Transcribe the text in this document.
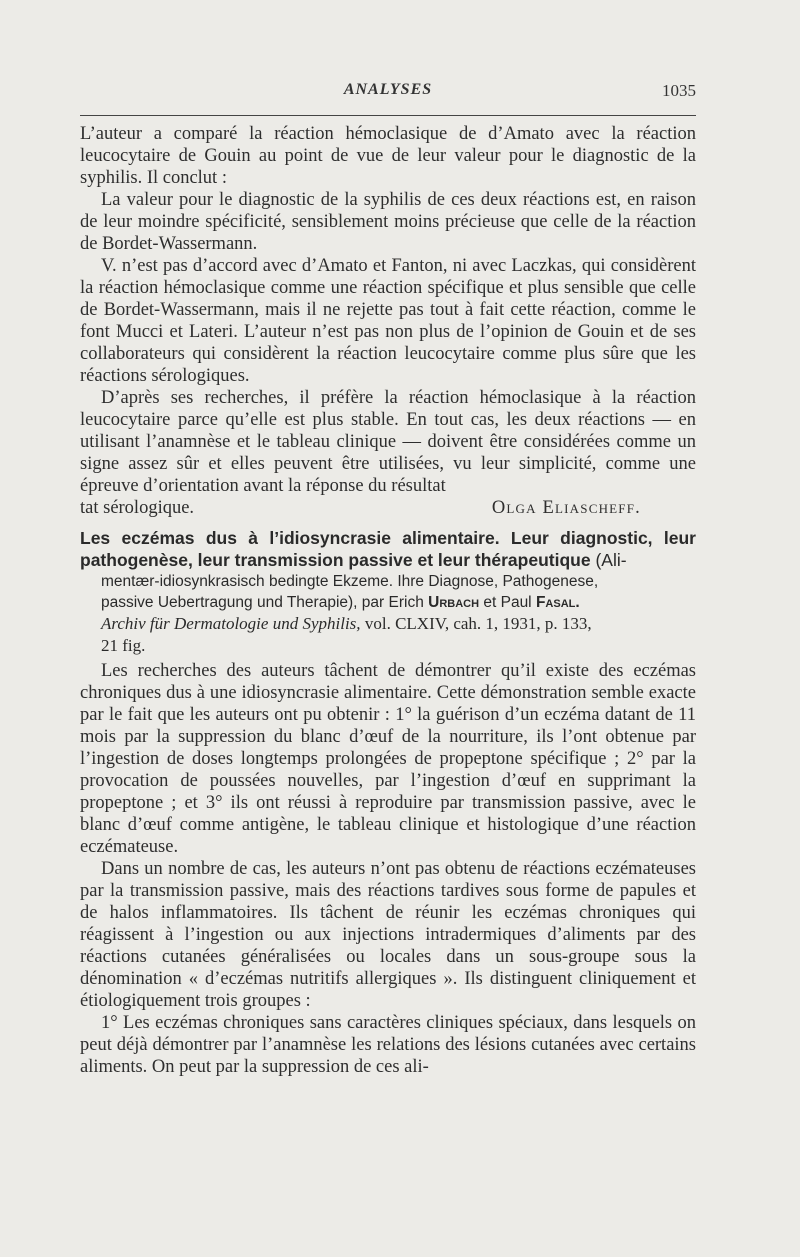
ANALYSES	1035

L’auteur a comparé la réaction hémoclasique de d’Amato avec la réaction leucocytaire de Gouin au point de vue de leur valeur pour le diagnostic de la syphilis. Il conclut :

La valeur pour le diagnostic de la syphilis de ces deux réactions est, en raison de leur moindre spécificité, sensiblement moins précieuse que celle de la réaction de Bordet-Wassermann.

V. n’est pas d’accord avec d’Amato et Fanton, ni avec Laczkas, qui considèrent la réaction hémoclasique comme une réaction spécifique et plus sensible que celle de Bordet-Wassermann, mais il ne rejette pas tout à fait cette réaction, comme le font Mucci et Lateri. L’auteur n’est pas non plus de l’opinion de Gouin et de ses collaborateurs qui considèrent la réaction leucocytaire comme plus sûre que les réactions sérologiques.

D’après ses recherches, il préfère la réaction hémoclasique à la réaction leucocytaire parce qu’elle est plus stable. En tout cas, les deux réactions — en utilisant l’anamnèse et le tableau clinique — doivent être considérées comme un signe assez sûr et elles peuvent être utilisées, vu leur simplicité, comme une épreuve d’orientation avant la réponse du résultat

tat sérologique.	Olga Eliascheff.

Les eczémas dus à l’idiosyncrasie alimentaire. Leur diagnostic, leur pathogenèse, leur transmission passive et leur thérapeutique (Ali-
mentær-idiosynkrasisch bedingte Ekzeme. Ihre Diagnose, Pathogenese,
passive Uebertragung und Therapie), par Erich Urbach et Paul Fasal.
Archiv für Dermatologie und Syphilis, vol. CLXIV, cah. 1, 1931, p. 133,
21 fig.

Les recherches des auteurs tâchent de démontrer qu’il existe des eczémas chroniques dus à une idiosyncrasie alimentaire. Cette démonstration semble exacte par le fait que les auteurs ont pu obtenir : 1° la guérison d’un eczéma datant de 11 mois par la suppression du blanc d’œuf de la nourriture, ils l’ont obtenue par l’ingestion de doses longtemps prolongées de propeptone spécifique ; 2° par la provocation de poussées nouvelles, par l’ingestion d’œuf en supprimant la propeptone ; et 3° ils ont réussi à reproduire par transmission passive, avec le blanc d’œuf comme antigène, le tableau clinique et histologique d’une réaction eczémateuse.

Dans un nombre de cas, les auteurs n’ont pas obtenu de réactions eczémateuses par la transmission passive, mais des réactions tardives sous forme de papules et de halos inflammatoires. Ils tâchent de réunir les eczémas chroniques qui réagissent à l’ingestion ou aux injections intradermiques d’aliments par des réactions cutanées généralisées ou locales dans un sous-groupe sous la dénomination « d’eczémas nutritifs allergiques ». Ils distinguent cliniquement et étiologiquement trois groupes :

1° Les eczémas chroniques sans caractères cliniques spéciaux, dans lesquels on peut déjà démontrer par l’anamnèse les relations des lésions cutanées avec certains aliments. On peut par la suppression de ces ali-
